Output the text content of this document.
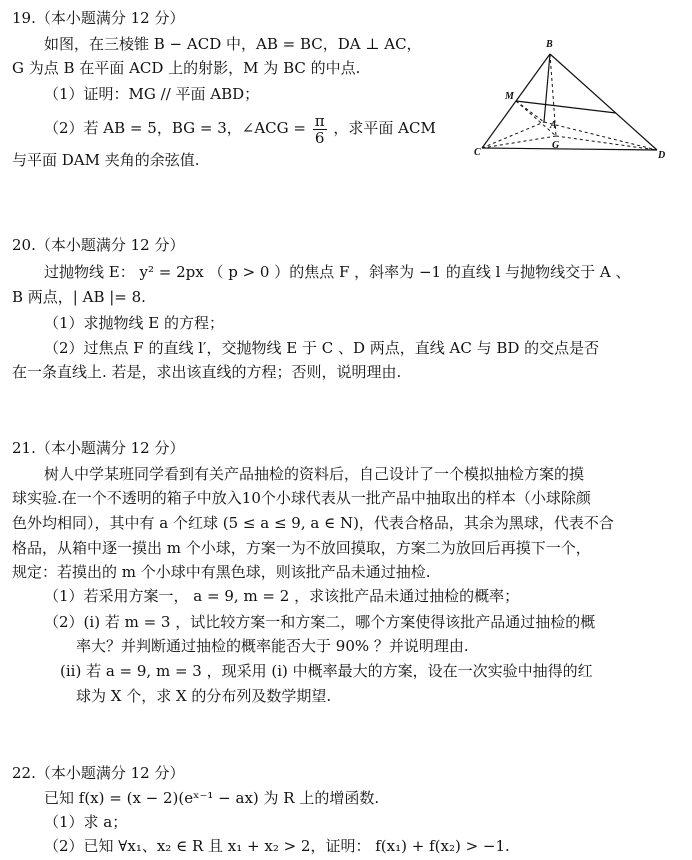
19.（本小题满分 12 分）
如图，在三棱锥 B − ACD 中，AB = BC，DA ⊥ AC，
G 为点 B 在平面 ACD 上的射影，M 为 BC 的中点.
（1）证明：MG // 平面 ABD；
（2）若 AB = 5，BG = 3，∠ACG = $\frac{\pi}{6}$ ，求平面 ACM
与平面 DAM 夹角的余弦值.
B
M
A
G
C	D
20.（本小题满分 12 分）
过抛物线 E： y² = 2px （ p > 0 ）的焦点 F ，斜率为 −1 的直线 l 与抛物线交于 A 、
B 两点，| AB |= 8.
（1）求抛物线 E 的方程；
（2）过焦点 F 的直线 l′，交抛物线 E 于 C 、D 两点，直线 AC 与 BD 的交点是否
在一条直线上. 若是，求出该直线的方程；否则，说明理由.
21.（本小题满分 12 分）
树人中学某班同学看到有关产品抽检的资料后，自己设计了一个模拟抽检方案的摸
球实验.在一个不透明的箱子中放入10个小球代表从一批产品中抽取出的样本（小球除颜
色外均相同），其中有 a 个红球 (5 ≤ a ≤ 9, a ∈ N)，代表合格品，其余为黑球，代表不合
格品，从箱中逐一摸出 m 个小球，方案一为不放回摸取，方案二为放回后再摸下一个，
规定：若摸出的 m 个小球中有黑色球，则该批产品未通过抽检.
（1）若采用方案一， a = 9, m = 2 ，求该批产品未通过抽检的概率；
（2）(i) 若 m = 3 ，试比较方案一和方案二，哪个方案使得该批产品通过抽检的概
率大？并判断通过抽检的概率能否大于 90% ？并说明理由.
(ii) 若 a = 9, m = 3 ，现采用 (i) 中概率最大的方案，设在一次实验中抽得的红
球为 X 个，求 X 的分布列及数学期望.
22.（本小题满分 12 分）
已知 f(x) = (x − 2)(eˣ⁻¹ − ax) 为 R 上的增函数.
（1）求 a；
（2）已知 ∀x₁、x₂ ∈ R 且 x₁ + x₂ > 2，证明： f(x₁) + f(x₂) > −1.
